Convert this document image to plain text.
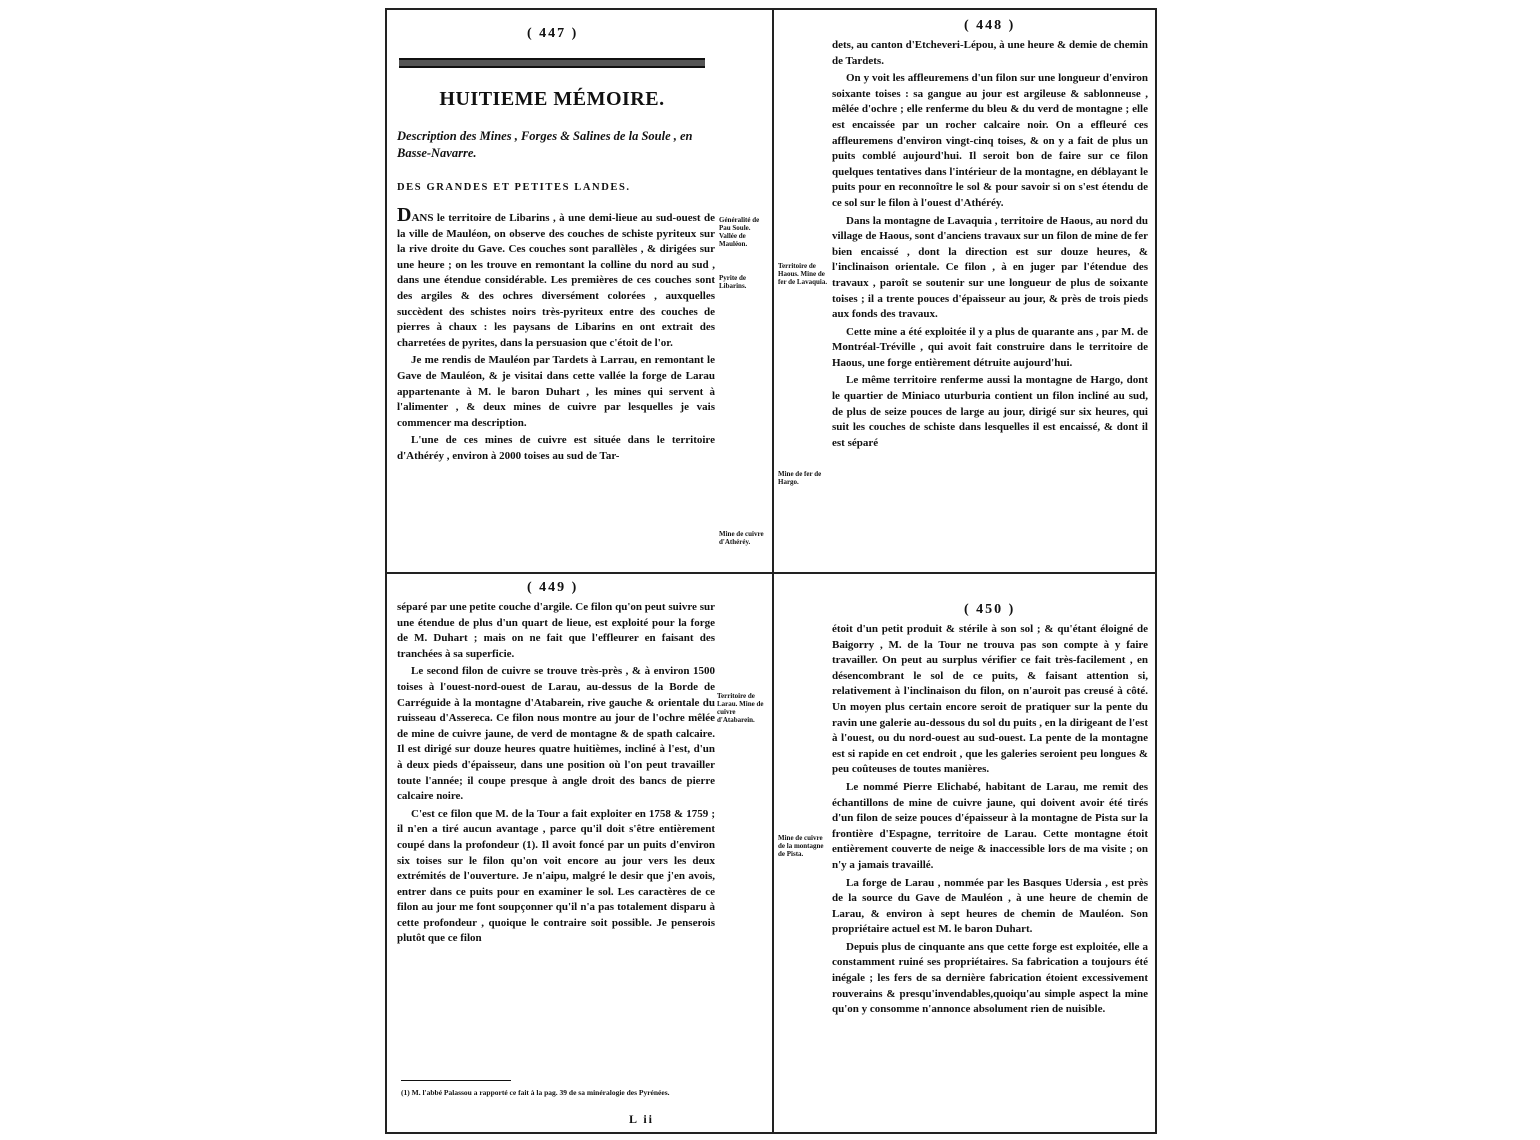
( 447 )
HUITIEME MÉMOIRE.
Description des Mines , Forges & Salines de la Soule , en Basse-Navarre.
DES GRANDES ET PETITES LANDES.

DANS le territoire de Libarins , à une demi-lieue au sud-ouest de la ville de Mauléon, on observe des couches de schiste pyriteux sur la rive droite du Gave. Ces couches sont parallèles , & dirigées sur une heure ; on les trouve en remontant la colline du nord au sud , dans une étendue considérable. Les premières de ces couches sont des argiles & des ochres diversément colorées , auxquelles succèdent des schistes noirs très-pyriteux entre des couches de pierres à chaux : les paysans de Libarins en ont extrait des charretées de pyrites, dans la persuasion que c'étoit de l'or.

Je me rendis de Mauléon par Tardets à Larrau, en remontant le Gave de Mauléon, & je visitai dans cette vallée la forge de Larau appartenante à M. le baron Duhart , les mines qui servent à l'alimenter , & deux mines de cuivre par lesquelles je vais commencer ma description.

L'une de ces mines de cuivre est située dans le territoire d'Athéréy , environ à 2000 toises au sud de Tar-

Généralité de Pau Soule. Vallée de Mauléon.
Pyrite de Libarins.
Mine de cuivre d'Athéréy.
( 448 )

dets, au canton d'Etcheveri-Lépou, à une heure & demie de chemin de Tardets.

On y voit les affleuremens d'un filon sur une longueur d'environ soixante toises : sa gangue au jour est argileuse & sablonneuse , mêlée d'ochre ; elle renferme du bleu & du verd de montagne ; elle est encaissée par un rocher calcaire noir. On a effleuré ces affleuremens d'environ vingt-cinq toises, & on y a fait de plus un puits comblé aujourd'hui. Il seroit bon de faire sur ce filon quelques tentatives dans l'intérieur de la montagne, en déblayant le puits pour en reconnoître le sol & pour savoir si on s'est étendu de ce sol sur le filon à l'ouest d'Athéréy.

Dans la montagne de Lavaquia , territoire de Haous, au nord du village de Haous, sont d'anciens travaux sur un filon de mine de fer bien encaissé , dont la direction est sur douze heures, & l'inclinaison orientale. Ce filon , à en juger par l'étendue des travaux , paroît se soutenir sur une longueur de plus de soixante toises ; il a trente pouces d'épaisseur au jour, & près de trois pieds aux fonds des travaux.

Cette mine a été exploitée il y a plus de quarante ans , par M. de Montréal-Tréville , qui avoit fait construire dans le territoire de Haous, une forge entièrement détruite aujourd'hui.

Le même territoire renferme aussi la montagne de Hargo, dont le quartier de Miniaco uturburia contient un filon incliné au sud, de plus de seize pouces de large au jour, dirigé sur six heures, qui suit les couches de schiste dans lesquelles il est encaissé, & dont il est séparé

Territoire de Haous. Mine de fer de Lavaquia.
Mine de fer de Hargo.
( 449 )

séparé par une petite couche d'argile. Ce filon qu'on peut suivre sur une étendue de plus d'un quart de lieue, est exploité pour la forge de M. Duhart ; mais on ne fait que l'effleurer en faisant des tranchées à sa superficie.

Le second filon de cuivre se trouve très-près , & à environ 1500 toises à l'ouest-nord-ouest de Larau, au-dessus de la Borde de Carréguide à la montagne d'Atabarein, rive gauche & orientale du ruisseau d'Assereca. Ce filon nous montre au jour de l'ochre mêlée de mine de cuivre jaune, de verd de montagne & de spath calcaire. Il est dirigé sur douze heures quatre huitièmes, incliné à l'est, d'un à deux pieds d'épaisseur, dans une position où l'on peut travailler toute l'année; il coupe presque à angle droit des bancs de pierre calcaire noire.

C'est ce filon que M. de la Tour a fait exploiter en 1758 & 1759 ; il n'en a tiré aucun avantage , parce qu'il doit s'être entièrement coupé dans la profondeur (1). Il avoit foncé par un puits d'environ six toises sur le filon qu'on voit encore au jour vers les deux extrémités de l'ouverture. Je n'aipu, malgré le desir que j'en avois, entrer dans ce puits pour en examiner le sol. Les caractères de ce filon au jour me font soupçonner qu'il n'a pas totalement disparu à cette profondeur , quoique le contraire soit possible. Je penserois plutôt que ce filon

Territoire de Larau. Mine de cuivre d'Atabarein.
(1) M. l'abbé Palassou a rapporté ce fait à la pag. 39 de sa minéralogie des Pyrénées.
L ii
( 450 )

étoit d'un petit produit & stérile à son sol ; & qu'étant éloigné de Baigorry , M. de la Tour ne trouva pas son compte à y faire travailler. On peut au surplus vérifier ce fait très-facilement , en désencombrant le sol de ce puits, & faisant attention si, relativement à l'inclinaison du filon, on n'auroit pas creusé à côté. Un moyen plus certain encore seroit de pratiquer sur la pente du ravin une galerie au-dessous du sol du puits , en la dirigeant de l'est à l'ouest, ou du nord-ouest au sud-ouest. La pente de la montagne est si rapide en cet endroit , que les galeries seroient peu longues & peu coûteuses de toutes manières.

Le nommé Pierre Elichabé, habitant de Larau, me remit des échantillons de mine de cuivre jaune, qui doivent avoir été tirés d'un filon de seize pouces d'épaisseur à la montagne de Pista sur la frontière d'Espagne, territoire de Larau. Cette montagne étoit entièrement couverte de neige & inaccessible lors de ma visite ; on n'y a jamais travaillé.

La forge de Larau , nommée par les Basques Udersia , est près de la source du Gave de Mauléon , à une heure de chemin de Larau, & environ à sept heures de chemin de Mauléon. Son propriétaire actuel est M. le baron Duhart.

Depuis plus de cinquante ans que cette forge est exploitée, elle a constamment ruiné ses propriétaires. Sa fabrication a toujours été inégale ; les fers de sa dernière fabrication étoient excessivement rouverains & presqu'invendables,quoiqu'au simple aspect la mine qu'on y consomme n'annonce absolument rien de nuisible.

Mine de cuivre de la montagne de Pista.
